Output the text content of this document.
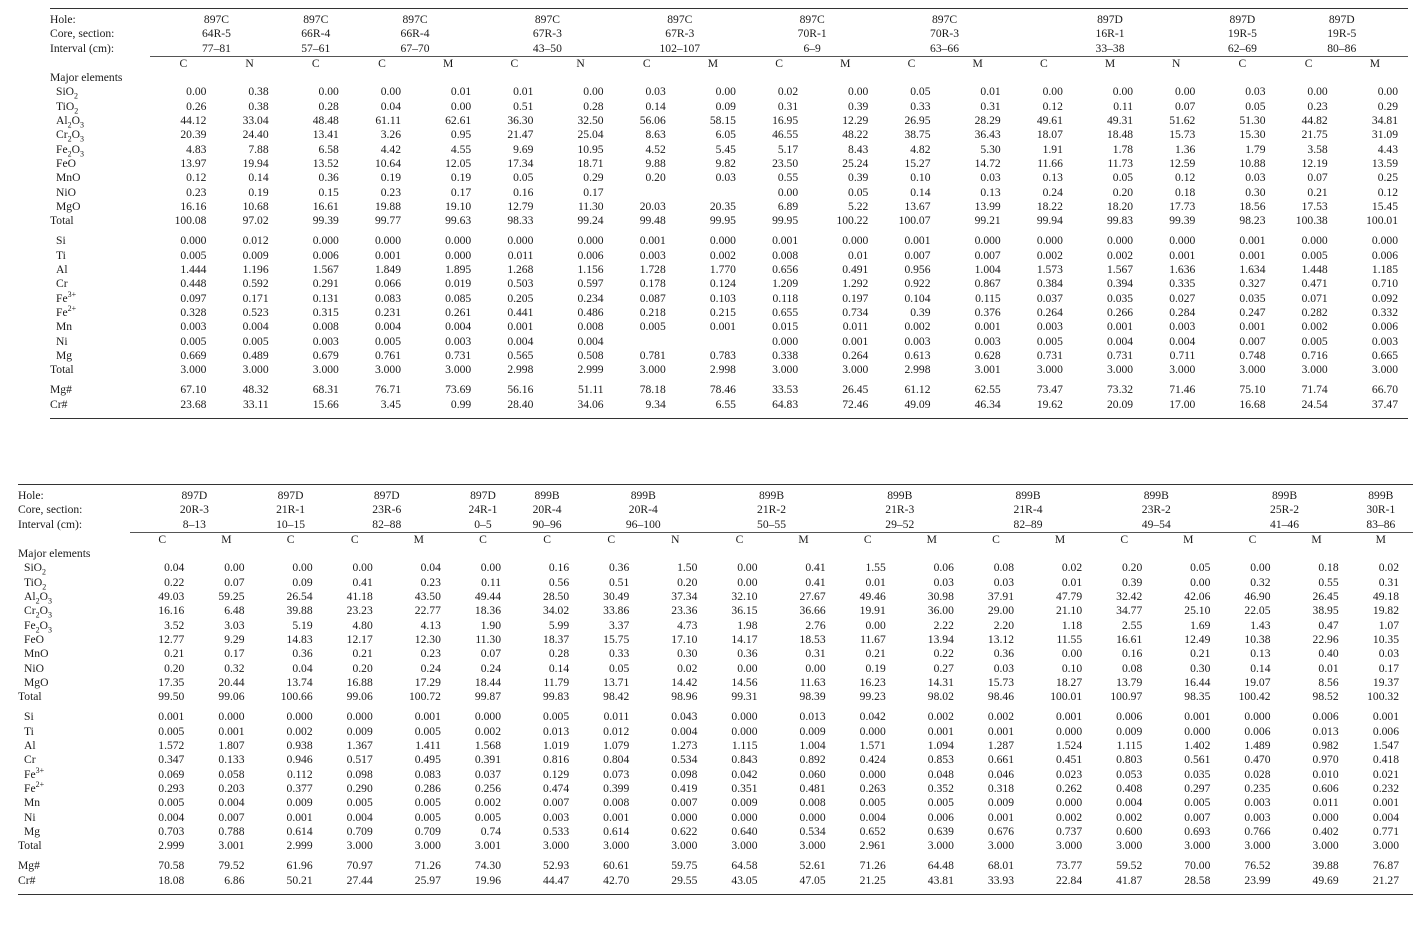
Hole:	897C		897C	897C		897C		897C		897C		897C		897D			897D	897D	
Core, section:	64R-5		66R-4	66R-4		67R-3		67R-3		70R-1		70R-3		16R-1			19R-5	19R-5	
Interval (cm):	77–81		57–61	67–70		43–50		102–107		6–9		63–66		33–38			62–69	80–86	
	C	N	C	C	M	C	N	C	M	C	M	C	M	C	M	N	C	C	M
Major elements																			
SiO$_2$	0.00	0.38	0.00	0.00	0.01	0.01	0.00	0.03	0.00	0.02	0.00	0.05	0.01	0.00	0.00	0.00	0.03	0.00	0.00
TiO$_2$	0.26	0.38	0.28	0.04	0.00	0.51	0.28	0.14	0.09	0.31	0.39	0.33	0.31	0.12	0.11	0.07	0.05	0.23	0.29
$Al_2O_3$	44.12	33.04	48.48	61.11	62.61	36.30	32.50	56.06	58.15	16.95	12.29	26.95	28.29	49.61	49.31	51.62	51.30	44.82	34.81
$Cr_2O_3$	20.39	24.40	13.41	3.26	0.95	21.47	25.04	8.63	6.05	46.55	48.22	38.75	36.43	18.07	18.48	15.73	15.30	21.75	31.09
$Fe_2O_3$	4.83	7.88	6.58	4.42	4.55	9.69	10.95	4.52	5.45	5.17	8.43	4.82	5.30	1.91	1.78	1.36	1.79	3.58	4.43
FeO	13.97	19.94	13.52	10.64	12.05	17.34	18.71	9.88	9.82	23.50	25.24	15.27	14.72	11.66	11.73	12.59	10.88	12.19	13.59
MnO	0.12	0.14	0.36	0.19	0.19	0.05	0.29	0.20	0.03	0.55	0.39	0.10	0.03	0.13	0.05	0.12	0.03	0.07	0.25
NiO	0.23	0.19	0.15	0.23	0.17	0.16	0.17			0.00	0.05	0.14	0.13	0.24	0.20	0.18	0.30	0.21	0.12
MgO	16.16	10.68	16.61	19.88	19.10	12.79	11.30	20.03	20.35	6.89	5.22	13.67	13.99	18.22	18.20	17.73	18.56	17.53	15.45
Total	100.08	97.02	99.39	99.77	99.63	98.33	99.24	99.48	99.95	99.95	100.22	100.07	99.21	99.94	99.83	99.39	98.23	100.38	100.01

Si	0.000	0.012	0.000	0.000	0.000	0.000	0.000	0.001	0.000	0.001	0.000	0.001	0.000	0.000	0.000	0.000	0.001	0.000	0.000
Ti	0.005	0.009	0.006	0.001	0.000	0.011	0.006	0.003	0.002	0.008	0.01	0.007	0.007	0.002	0.002	0.001	0.001	0.005	0.006
Al	1.444	1.196	1.567	1.849	1.895	1.268	1.156	1.728	1.770	0.656	0.491	0.956	1.004	1.573	1.567	1.636	1.634	1.448	1.185
Cr	0.448	0.592	0.291	0.066	0.019	0.503	0.597	0.178	0.124	1.209	1.292	0.922	0.867	0.384	0.394	0.335	0.327	0.471	0.710
$Fe^{3+}$	0.097	0.171	0.131	0.083	0.085	0.205	0.234	0.087	0.103	0.118	0.197	0.104	0.115	0.037	0.035	0.027	0.035	0.071	0.092
$Fe^{2+}$	0.328	0.523	0.315	0.231	0.261	0.441	0.486	0.218	0.215	0.655	0.734	0.39	0.376	0.264	0.266	0.284	0.247	0.282	0.332
Mn	0.003	0.004	0.008	0.004	0.004	0.001	0.008	0.005	0.001	0.015	0.011	0.002	0.001	0.003	0.001	0.003	0.001	0.002	0.006
Ni	0.005	0.005	0.003	0.005	0.003	0.004	0.004			0.000	0.001	0.003	0.003	0.005	0.004	0.004	0.007	0.005	0.003
Mg	0.669	0.489	0.679	0.761	0.731	0.565	0.508	0.781	0.783	0.338	0.264	0.613	0.628	0.731	0.731	0.711	0.748	0.716	0.665
Total	3.000	3.000	3.000	3.000	3.000	2.998	2.999	3.000	2.998	3.000	3.000	2.998	3.001	3.000	3.000	3.000	3.000	3.000	3.000

Mg#	67.10	48.32	68.31	76.71	73.69	56.16	51.11	78.18	78.46	33.53	26.45	61.12	62.55	73.47	73.32	71.46	75.10	71.74	66.70
Cr#	23.68	33.11	15.66	3.45	0.99	28.40	34.06	9.34	6.55	64.83	72.46	49.09	46.34	19.62	20.09	17.00	16.68	24.54	37.47
Hole:	897D		897D	897D		897D	899B	899B		899B		899B		899B		899B		899B		899B
Core, section:	20R-3		21R-1	23R-6		24R-1	20R-4	20R-4		21R-2		21R-3		21R-4		23R-2		25R-2		30R-1
Interval (cm):	8–13		10–15	82–88		0–5	90–96	96–100		50–55		29–52		82–89		49–54		41–46		83–86
	C	M	C	C	M	C	C	C	N	C	M	C	M	C	M	C	M	C	M	M
Major elements																				
SiO$_2$	0.04	0.00	0.00	0.00	0.04	0.00	0.16	0.36	1.50	0.00	0.41	1.55	0.06	0.08	0.02	0.20	0.05	0.00	0.18	0.02
TiO$_2$	0.22	0.07	0.09	0.41	0.23	0.11	0.56	0.51	0.20	0.00	0.41	0.01	0.03	0.03	0.01	0.39	0.00	0.32	0.55	0.31
$Al_2O_3$	49.03	59.25	26.54	41.18	43.50	49.44	28.50	30.49	37.34	32.10	27.67	49.46	30.98	37.91	47.79	32.42	42.06	46.90	26.45	49.18
$Cr_2O_3$	16.16	6.48	39.88	23.23	22.77	18.36	34.02	33.86	23.36	36.15	36.66	19.91	36.00	29.00	21.10	34.77	25.10	22.05	38.95	19.82
$Fe_2O_3$	3.52	3.03	5.19	4.80	4.13	1.90	5.99	3.37	4.73	1.98	2.76	0.00	2.22	2.20	1.18	2.55	1.69	1.43	0.47	1.07
FeO	12.77	9.29	14.83	12.17	12.30	11.30	18.37	15.75	17.10	14.17	18.53	11.67	13.94	13.12	11.55	16.61	12.49	10.38	22.96	10.35
MnO	0.21	0.17	0.36	0.21	0.23	0.07	0.28	0.33	0.30	0.36	0.31	0.21	0.22	0.36	0.00	0.16	0.21	0.13	0.40	0.03
NiO	0.20	0.32	0.04	0.20	0.24	0.24	0.14	0.05	0.02	0.00	0.00	0.19	0.27	0.03	0.10	0.08	0.30	0.14	0.01	0.17
MgO	17.35	20.44	13.74	16.88	17.29	18.44	11.79	13.71	14.42	14.56	11.63	16.23	14.31	15.73	18.27	13.79	16.44	19.07	8.56	19.37
Total	99.50	99.06	100.66	99.06	100.72	99.87	99.83	98.42	98.96	99.31	98.39	99.23	98.02	98.46	100.01	100.97	98.35	100.42	98.52	100.32

Si	0.001	0.000	0.000	0.000	0.001	0.000	0.005	0.011	0.043	0.000	0.013	0.042	0.002	0.002	0.001	0.006	0.001	0.000	0.006	0.001
Ti	0.005	0.001	0.002	0.009	0.005	0.002	0.013	0.012	0.004	0.000	0.009	0.000	0.001	0.001	0.000	0.009	0.000	0.006	0.013	0.006
Al	1.572	1.807	0.938	1.367	1.411	1.568	1.019	1.079	1.273	1.115	1.004	1.571	1.094	1.287	1.524	1.115	1.402	1.489	0.982	1.547
Cr	0.347	0.133	0.946	0.517	0.495	0.391	0.816	0.804	0.534	0.843	0.892	0.424	0.853	0.661	0.451	0.803	0.561	0.470	0.970	0.418
$Fe^{3+}$	0.069	0.058	0.112	0.098	0.083	0.037	0.129	0.073	0.098	0.042	0.060	0.000	0.048	0.046	0.023	0.053	0.035	0.028	0.010	0.021
$Fe^{2+}$	0.293	0.203	0.377	0.290	0.286	0.256	0.474	0.399	0.419	0.351	0.481	0.263	0.352	0.318	0.262	0.408	0.297	0.235	0.606	0.232
Mn	0.005	0.004	0.009	0.005	0.005	0.002	0.007	0.008	0.007	0.009	0.008	0.005	0.005	0.009	0.000	0.004	0.005	0.003	0.011	0.001
Ni	0.004	0.007	0.001	0.004	0.005	0.005	0.003	0.001	0.000	0.000	0.000	0.004	0.006	0.001	0.002	0.002	0.007	0.003	0.000	0.004
Mg	0.703	0.788	0.614	0.709	0.709	0.74	0.533	0.614	0.622	0.640	0.534	0.652	0.639	0.676	0.737	0.600	0.693	0.766	0.402	0.771
Total	2.999	3.001	2.999	3.000	3.000	3.001	3.000	3.000	3.000	3.000	3.000	2.961	3.000	3.000	3.000	3.000	3.000	3.000	3.000	3.000

Mg#	70.58	79.52	61.96	70.97	71.26	74.30	52.93	60.61	59.75	64.58	52.61	71.26	64.48	68.01	73.77	59.52	70.00	76.52	39.88	76.87
Cr#	18.08	6.86	50.21	27.44	25.97	19.96	44.47	42.70	29.55	43.05	47.05	21.25	43.81	33.93	22.84	41.87	28.58	23.99	49.69	21.27
